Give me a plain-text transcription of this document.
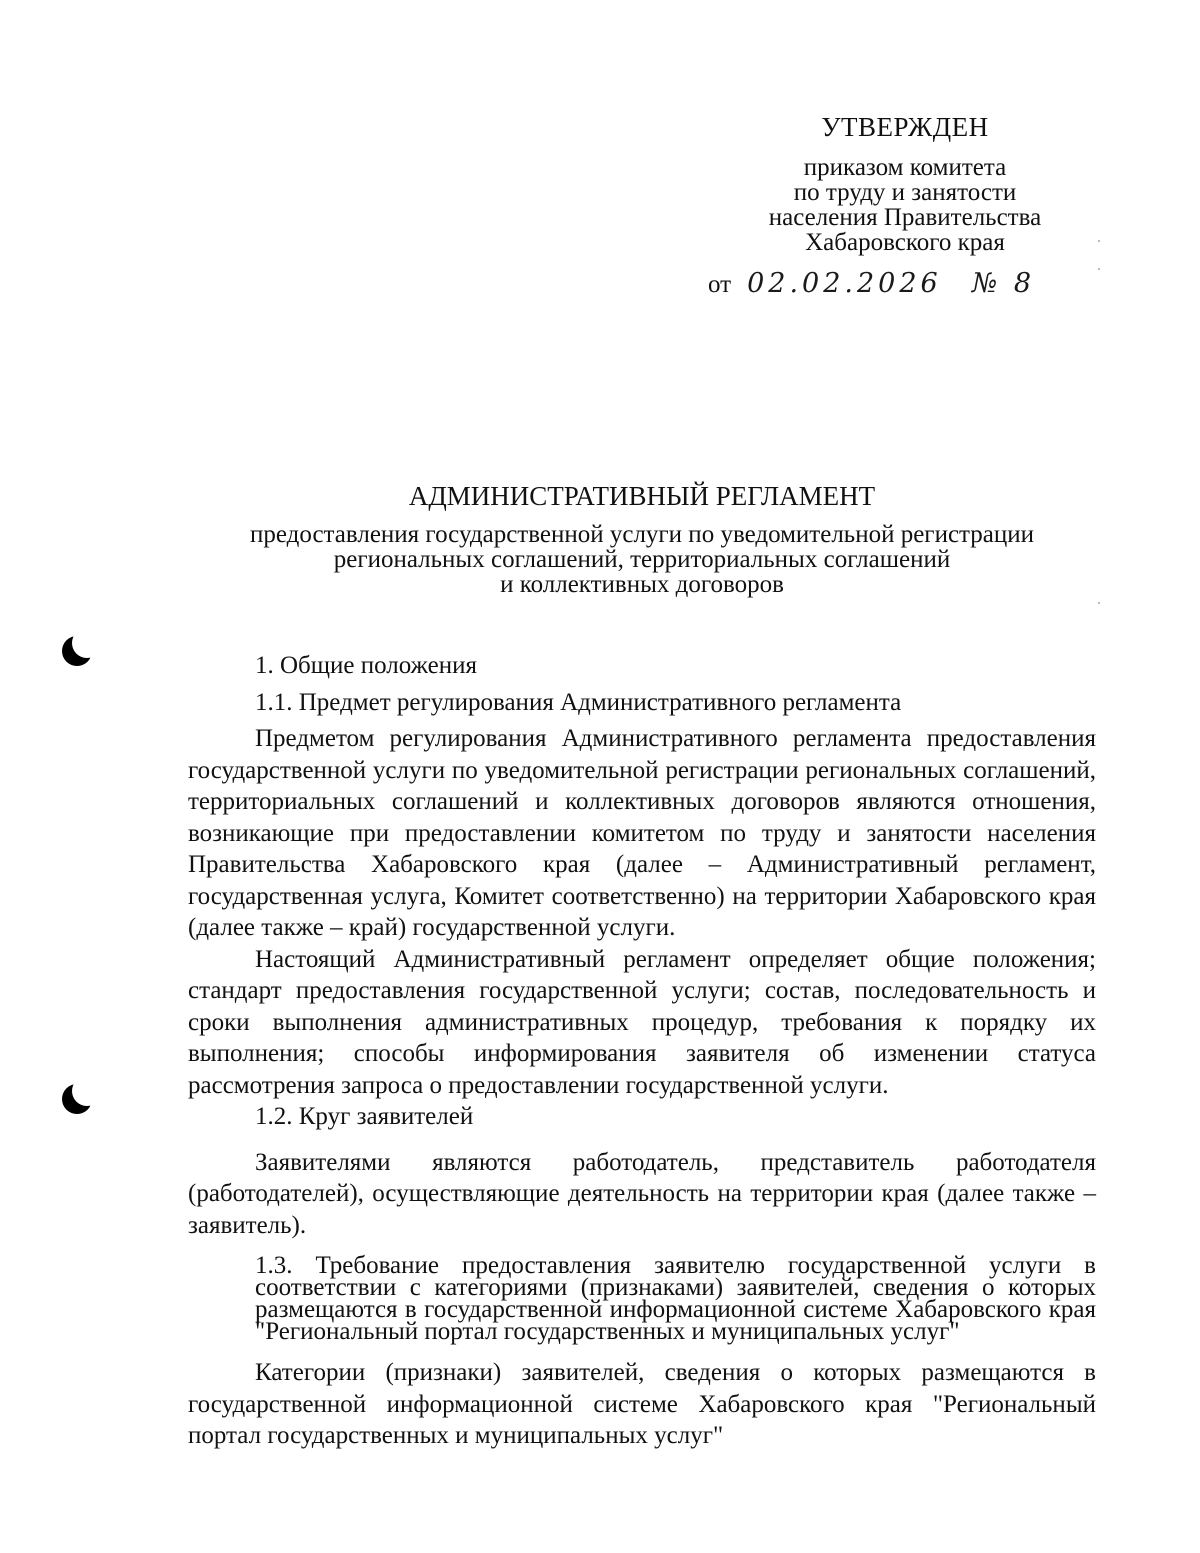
УТВЕРЖДЕН
приказом комитета
по труду и занятости
населения Правительства
Хабаровского края
от 02.02.2026 № 8
АДМИНИСТРАТИВНЫЙ РЕГЛАМЕНТ
предоставления государственной услуги по уведомительной регистрации
региональных соглашений, территориальных соглашений
и коллективных договоров

1. Общие положения

1.1. Предмет регулирования Административного регламента

Предметом регулирования Административного регламента предоставления государственной услуги по уведомительной регистрации региональных соглашений, территориальных соглашений и коллективных договоров являются отношения, возникающие при предоставлении комитетом по труду и занятости населения Правительства Хабаровского края (далее – Административный регламент, государственная услуга, Комитет соответственно) на территории Хабаровского края (далее также – край) государственной услуги.

Настоящий Административный регламент определяет общие положения; стандарт предоставления государственной услуги; состав, последовательность и сроки выполнения административных процедур, требования к порядку их выполнения; способы информирования заявителя об изменении статуса рассмотрения запроса о предоставлении государственной услуги.

1.2. Круг заявителей

Заявителями являются работодатель, представитель работодателя (работодателей), осуществляющие деятельность на территории края (далее также – заявитель).

1.3. Требование предоставления заявителю государственной услуги в соответствии с категориями (признаками) заявителей, сведения о которых размещаются в государственной информационной системе Хабаровского края "Региональный портал государственных и муниципальных услуг"

Категории (признаки) заявителей, сведения о которых размещаются в государственной информационной системе Хабаровского края "Региональный портал государственных и муниципальных услуг"
